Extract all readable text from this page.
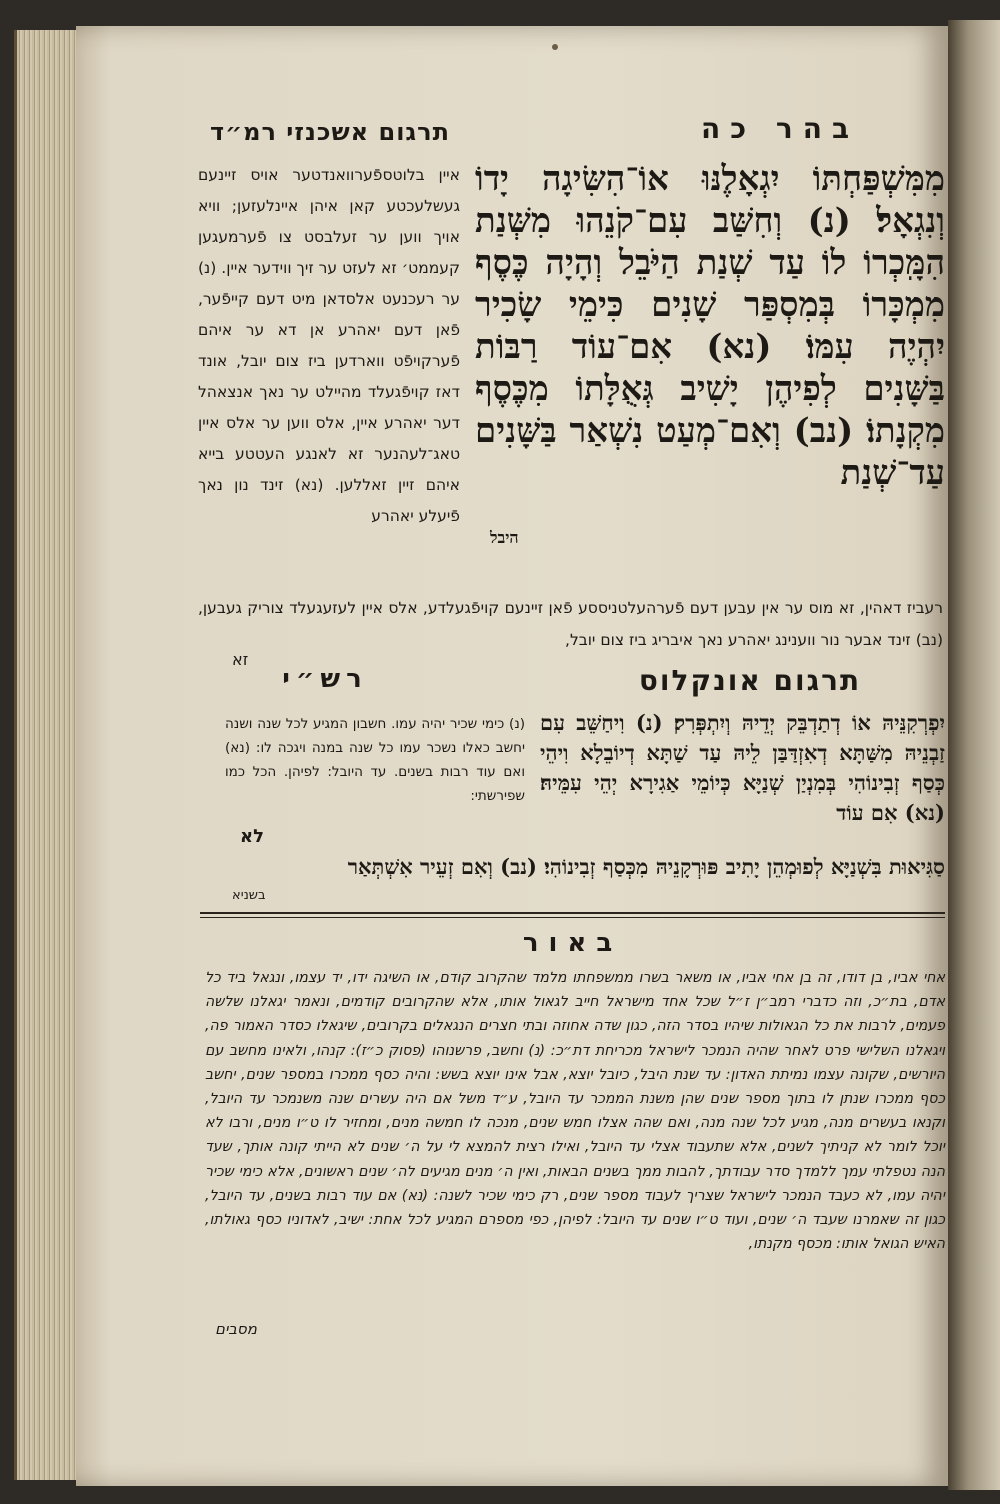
תרגום אשכנזי רמ״ד	בהר כה

מִמִּשְׁפַּחְתּוֹ יִגְאָלֶנּוּ אוֹ־הִשִּׂיגָה יָדוֹ וְנִגְאָל׃ (נ) וְחִשַּׁב עִם־קֹנֵהוּ מִשְּׁנַת הִמָּֽכְרוֹ לוֹ עַד שְׁנַת הַיֹּבֵל וְהָיָה כֶּסֶף מִמְכָּרוֹ בְּמִסְפַּר שָׁנִים כִּימֵי שָׂכִיר יִהְיֶה עִמּוֹ׃ (נא) אִם־עוֹד רַבּוֹת בַּשָּׁנִים לְפִיהֶן יָשִׁיב גְּאֻלָּתוֹ מִכֶּסֶף מִקְנָתוֹ׃ (נב) וְאִם־מְעַט נִשְׁאַר בַּשָּׁנִים עַד־שְׁנַת

היבל

איין בלוטספֿערוואנדטער אויס זיינעם געשלעכטע קאן איהן איינלעזען; וויא אויך ווען ער זעלבסט צו פֿערמעגען קעממט׳ זא לעזט ער זיך ווידער איין. (נ) ער רעכנעט אלסדאן מיט דעם קייפֿער, פֿאן דעם יאהרע אן דא ער איהם פֿערקויפֿט ווארדען ביז צום יובל, אונד דאז קויפֿגעלד מהיילט ער נאך אנצאהל דער יאהרע איין, אלס ווען ער אלס איין טאג־לעהנער זא לאנגע העטטע בייא איהם זיין זאללען. (נא) זינד נון נאך פֿיעלע יאהרע

רעביז דאהין, זא מוס ער אין עבען דעם פֿערהעלטניססע פֿאן זיינעם קויפֿגעלדע, אלס איין לעזעגעלד צוריק געבען, (נב) זינד אבער נור ווענינג יאהרע נאך איבריג ביז צום יובל,

זא
תרגום אונקלוס
רש״י

יִפְרְקִנֵּיהּ אוֹ דְתַדְבֵּק יְדֵיהּ וְיִתְפְּרִק׃ (נ) וִיחַשֵּׁב עִם זַבְנֵיהּ מִשַּׁתָּא דְאִזְדַּבַּן לֵיהּ עַד שַׁתָּא דְיוֹבֵלָא וִיהֵי כְּסַף זְבִינוֹהִי בְּמִנְיַן שְׁנַיָּא כְּיוֹמֵי אַגִירָא יְהֵי עִמֵּיהּ׃ (נא) אִם עוֹד

(נ) כימי שכיר יהיה עמו. חשבון המגיע לכל שנה ושנה יחשב כאלו נשכר עמו כל שנה במנה ויגכה לו: (נא) ואם עוד רבות בשנים. עד היובל: לפיהן. הכל כמו שפירשתי:

לא

סַגִּיאוּת בִּשְׁנַיָּא לְפוּמְהֵן יָתִיב פּוּרְקָנֵיהּ מִכְּסַף זְבִינוֹהִי׃ (נב) וְאִם זְעֵיר אִשְׁתְּאַר

בשניא
באור

אחי אביו, בן דודו, זה בן אחי אביו, או משאר בשרו ממשפחתו מלמד שהקרוב קודם, או השיגה ידו, יד עצמו, ונגאל ביד כל אדם, בת״כ, וזה כדברי רמב״ן ז״ל שכל אחד מישראל חייב לגאול אותו, אלא שהקרובים קודמים, ונאמר יגאלנו שלשה פעמים, לרבות את כל הגאולות שיהיו בסדר הזה, כגון שדה אחוזה ובתי חצרים הנגאלים בקרובים, שיגאלו כסדר האמור פה, ויגאלנו השלישי פרט לאחר שהיה הנמכר לישראל מכריחת דת״כ: (נ) וחשב, פרשנוהו (פסוק כ״ז): קנהו, ולאינו מחשב עם היורשים, שקונה עצמו נמיתת האדון: עד שנת היבל, כיובל יוצא, אבל אינו יוצא בשש: והיה כסף ממכרו במספר שנים, יחשב כסף ממכרו שנתן לו בתוך מספר שנים שהן משנת הממכר עד היובל, ע״ד משל אם היה עשרים שנה משנמכר עד היובל, וקנאו בעשרים מנה, מגיע לכל שנה מנה, ואם שהה אצלו חמש שנים, מנכה לו חמשה מנים, ומחזיר לו ט״ו מנים, ורבו לא יוכל לומר לא קניתיך לשנים, אלא שתעבוד אצלי עד היובל, ואילו רצית להמצא לי על ה׳ שנים לא הייתי קונה אותך, שעד הנה נטפלתי עמך ללמדך סדר עבודתך, להבות ממך בשנים הבאות, ואין ה׳ מנים מגיעים לה׳ שנים ראשונים, אלא כימי שכיר יהיה עמו, לא כעבד הנמכר לישראל שצריך לעבוד מספר שנים, רק כימי שכיר לשנה: (נא) אם עוד רבות בשנים, עד היובל, כגון זה שאמרנו שעבד ה׳ שנים, ועוד ט״ו שנים עד היובל: לפיהן, כפי מספרם המגיע לכל אחת: ישיב, לאדוניו כסף גאולתו, האיש הגואל אותו: מכסף מקנתו,

מסבים
